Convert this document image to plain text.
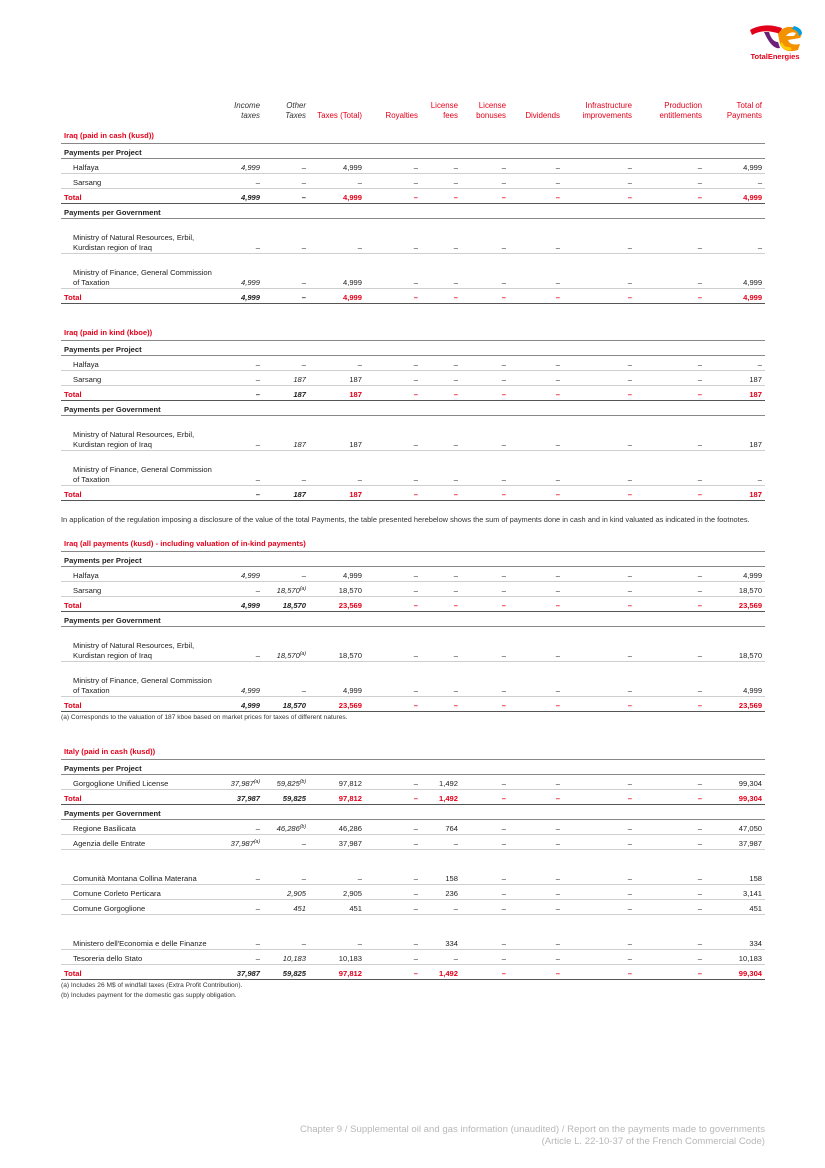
TotalEnergies
	Income taxes	Other Taxes	Taxes (Total)	Royalties	License fees	License bonuses	Dividends	Infrastructure improvements	Production entitlements	Total of Payments
Iraq (paid in cash (kusd))										
Payments per Project										
Halfaya	4,999	–	4,999	–	–	–	–	–	–	4,999
Sarsang	–	–	–	–	–	–	–	–	–	–
Total	4,999	–	4,999	–	–	–	–	–	–	4,999
Payments per Government										
Ministry of Natural Resources, Erbil, Kurdistan region of Iraq	–	–	–	–	–	–	–	–	–	–
Ministry of Finance, General Commission of Taxation	4,999	–	4,999	–	–	–	–	–	–	4,999
Total	4,999	–	4,999	–	–	–	–	–	–	4,999
Iraq (paid in kind (kboe))										
Payments per Project										
Halfaya	–	–	–	–	–	–	–	–	–	–
Sarsang	–	187	187	–	–	–	–	–	–	187
Total	–	187	187	–	–	–	–	–	–	187
Payments per Government										
Ministry of Natural Resources, Erbil, Kurdistan region of Iraq	–	187	187	–	–	–	–	–	–	187
Ministry of Finance, General Commission of Taxation	–	–	–	–	–	–	–	–	–	–
Total	–	187	187	–	–	–	–	–	–	187

In application of the regulation imposing a disclosure of the value of the total Payments, the table presented herebelow shows the sum of payments done in cash and in kind valuated as indicated in the footnotes.

Iraq (all payments (kusd) - including valuation of in-kind payments)										
Payments per Project										
Halfaya	4,999	–	4,999	–	–	–	–	–	–	4,999
Sarsang	–	18,570$^{(a)}$	18,570	–	–	–	–	–	–	18,570
Total	4,999	18,570	23,569	–	–	–	–	–	–	23,569
Payments per Government										
Ministry of Natural Resources, Erbil, Kurdistan region of Iraq	–	18,570$^{(a)}$	18,570	–	–	–	–	–	–	18,570
Ministry of Finance, General Commission of Taxation	4,999	–	4,999	–	–	–	–	–	–	4,999
Total	4,999	18,570	23,569	–	–	–	–	–	–	23,569

(a) Corresponds to the valuation of 187 kboe based on market prices for taxes of different natures.

Italy (paid in cash (kusd))										
Payments per Project										
Gorgoglione Unified License	37,987$^{(a)}$	59,825$^{(b)}$	97,812	–	1,492	–	–	–	–	99,304
Total	37,987	59,825	97,812	–	1,492	–	–	–	–	99,304
Payments per Government										
Regione Basilicata	–	46,286$^{(b)}$	46,286	–	764	–	–	–	–	47,050
Agenzia delle Entrate	37,987$^{(a)}$	–	37,987	–	–	–	–	–	–	37,987
Comunità Montana Collina Materana	–	–	–	–	158	–	–	–	–	158
Comune Corleto Perticara		2,905	2,905	–	236	–	–	–	–	3,141
Comune Gorgoglione	–	451	451	–	–	–	–	–	–	451
Ministero dell'Economia e delle Finanze	–	–	–	–	334	–	–	–	–	334
Tesoreria dello Stato	–	10,183	10,183	–	–	–	–	–	–	10,183
Total	37,987	59,825	97,812	–	1,492	–	–	–	–	99,304

(a) Includes 26 M$ of windfall taxes (Extra Profit Contribution).

(b) Includes payment for the domestic gas supply obligation.

Chapter 9 / Supplemental oil and gas information (unaudited) / Report on the payments made to governments
(Article L. 22-10-37 of the French Commercial Code)
